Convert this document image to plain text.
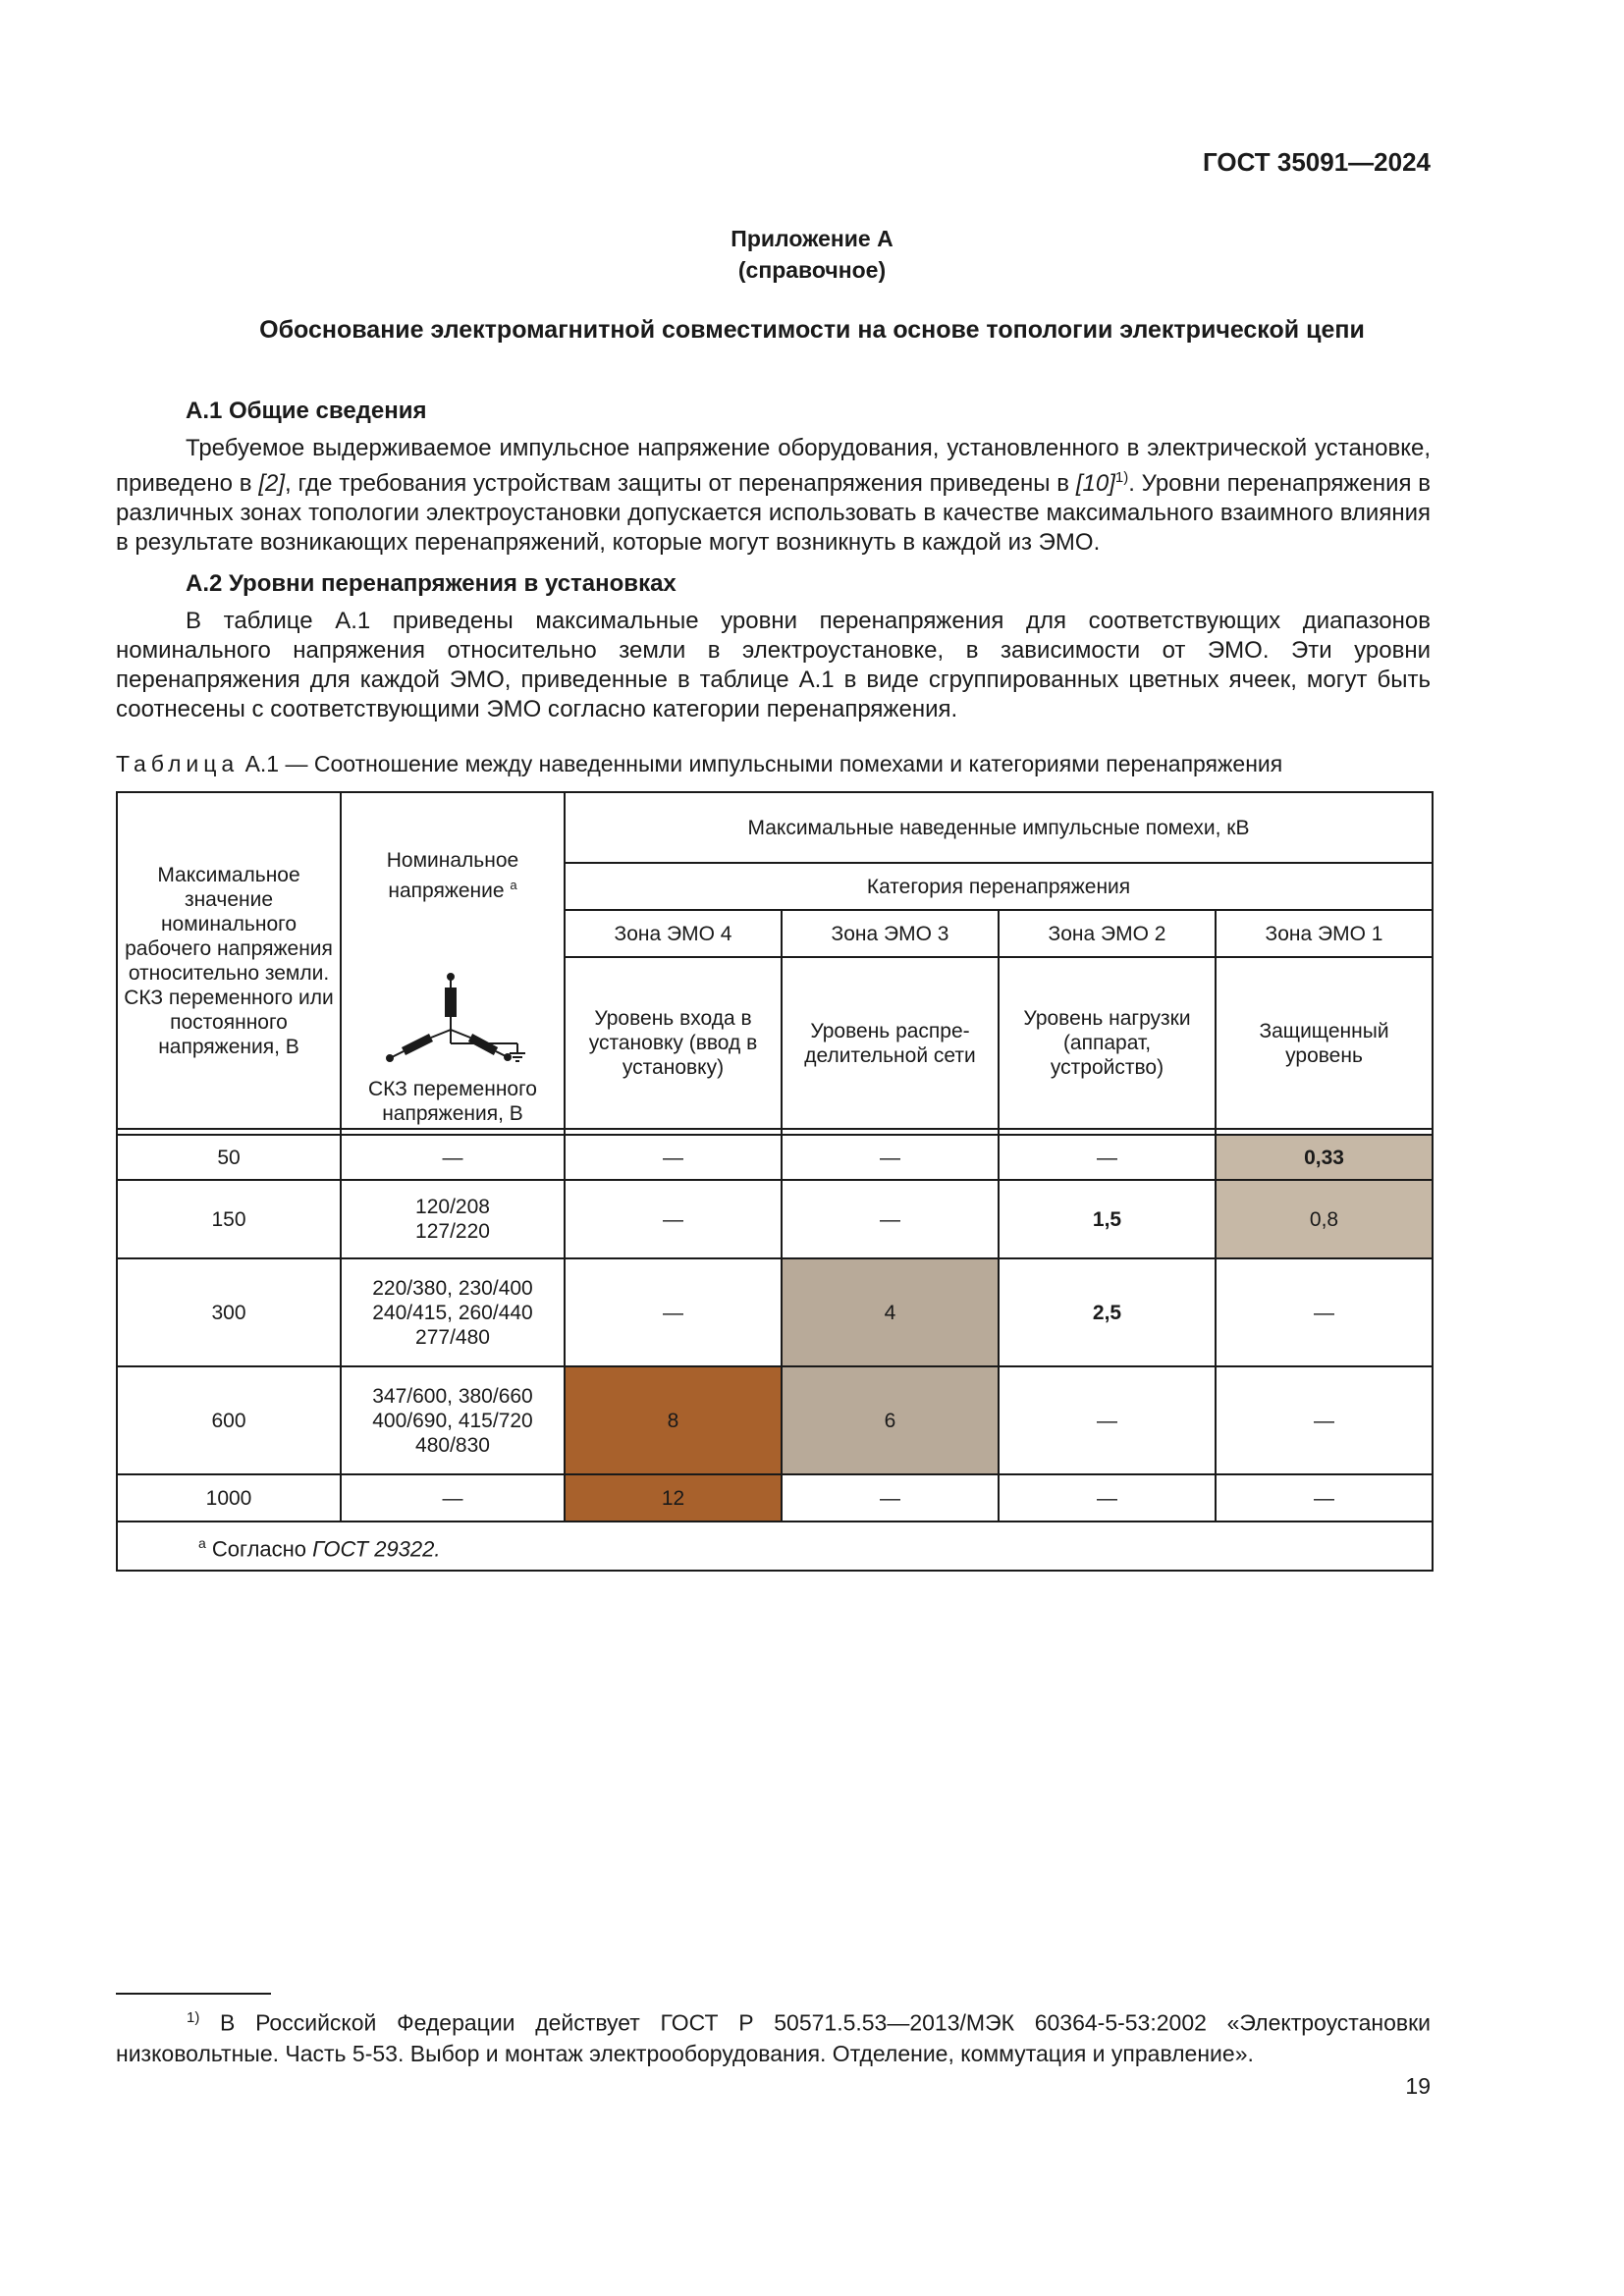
ГОСТ 35091—2024
Приложение А
(справочное)
Обоснование электромагнитной совместимости на основе топологии электрической цепи
А.1 Общие сведения
Требуемое выдерживаемое импульсное напряжение оборудования, установленного в электрической установке, приведено в [2], где требования устройствам защиты от перенапряжения приведены в $[10]^{1)}$. Уровни перенапряжения в различных зонах топологии электроустановки допускается использовать в качестве максимального взаимного влияния в результате возникающих перенапряжений, которые могут возникнуть в каждой из ЭМО.
А.2 Уровни перенапряжения в установках
В таблице А.1 приведены максимальные уровни перенапряжения для соответствующих диапазонов номинального напряжения относительно земли в электроустановке, в зависимости от ЭМО. Эти уровни перенапряжения для каждой ЭМО, приведенные в таблице А.1 в виде сгруппированных цветных ячеек, могут быть соотнесены с соответствующими ЭМО согласно категории перенапряжения.
Таблица А.1 — Соотношение между наведенными импульсными помехами и категориями перенапряжения
Максимальное значение номинального рабочего напряжения относительно земли. СКЗ переменного или постоянного напряжения, В	Номинальное напряжение $^a$	Максимальные наведенные импульсные помехи, кВ			
		Категория перенапряжения			
		Зона ЭМО 4	Зона ЭМО 3	Зона ЭМО 2	Зона ЭМО 1

	СКЗ переменного напряжения, В	Уровень входа в установку (ввод в установку)	Уровень распре-делительной сети	Уровень нагрузки (аппарат, устройство)	Защищенный уровень

50	—	—	—	—	0,33
150	120/208
127/220	—	—	1,5	0,8
300	220/380, 230/400
240/415, 260/440
277/480	—	4	2,5	—
600	347/600, 380/660
400/690, 415/720
480/830	8	6	—	—
1000	—	12	—	—	—
$^a$ Согласно ГОСТ 29322.					
$^{1)}$ В Российской Федерации действует ГОСТ Р 50571.5.53—2013/МЭК 60364-5-53:2002 «Электроустановки низковольтные. Часть 5-53. Выбор и монтаж электрооборудования. Отделение, коммутация и управление».
19
